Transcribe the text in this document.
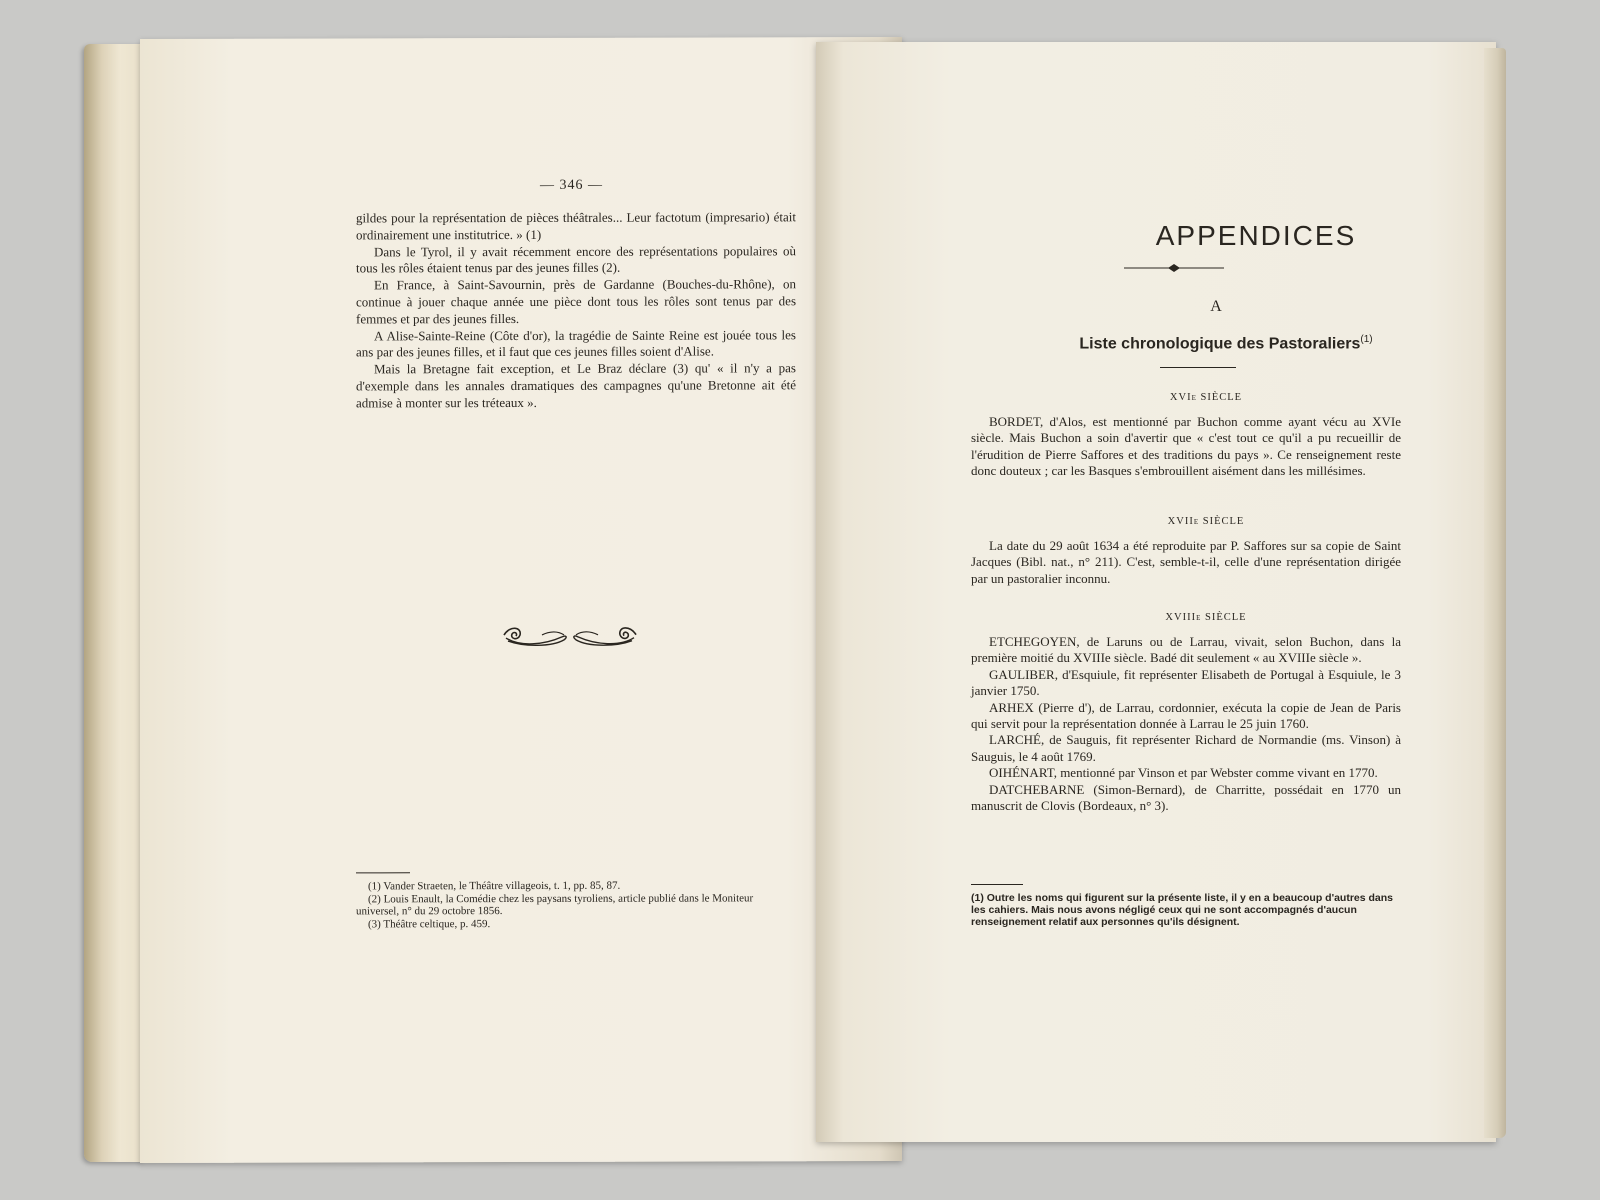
— 346 —

gildes pour la représentation de pièces théâtrales... Leur factotum (impresario) était ordinairement une institutrice. » (1)

Dans le Tyrol, il y avait récemment encore des représentations populaires où tous les rôles étaient tenus par des jeunes filles (2).

En France, à Saint-Savournin, près de Gardanne (Bouches-du-Rhône), on continue à jouer chaque année une pièce dont tous les rôles sont tenus par des femmes et par des jeunes filles.

A Alise-Sainte-Reine (Côte d'or), la tragédie de Sainte Reine est jouée tous les ans par des jeunes filles, et il faut que ces jeunes filles soient d'Alise.

Mais la Bretagne fait exception, et Le Braz déclare (3) qu' « il n'y a pas d'exemple dans les annales dramatiques des campagnes qu'une Bretonne ait été admise à monter sur les tréteaux ».

(1) Vander Straeten, le Théâtre villageois, t. 1, pp. 85, 87.

(2) Louis Enault, la Comédie chez les paysans tyroliens, article publié dans le Moniteur universel, n° du 29 octobre 1856.

(3) Théâtre celtique, p. 459.

APPENDICES
A
Liste chronologique des Pastoraliers$^{(1)}$
XVIe SIÈCLE

BORDET, d'Alos, est mentionné par Buchon comme ayant vécu au XVIe siècle. Mais Buchon a soin d'avertir que « c'est tout ce qu'il a pu recueillir de l'érudition de Pierre Saffores et des traditions du pays ». Ce renseignement reste donc douteux ; car les Basques s'embrouillent aisément dans les millésimes.

XVIIe SIÈCLE

La date du 29 août 1634 a été reproduite par P. Saffores sur sa copie de Saint Jacques (Bibl. nat., n° 211). C'est, semble-t-il, celle d'une représentation dirigée par un pastoralier inconnu.

XVIIIe SIÈCLE

ETCHEGOYEN, de Laruns ou de Larrau, vivait, selon Buchon, dans la première moitié du XVIIIe siècle. Badé dit seulement « au XVIIIe siècle ».

GAULIBER, d'Esquiule, fit représenter Elisabeth de Portugal à Esquiule, le 3 janvier 1750.

ARHEX (Pierre d'), de Larrau, cordonnier, exécuta la copie de Jean de Paris qui servit pour la représentation donnée à Larrau le 25 juin 1760.

LARCHÉ, de Sauguis, fit représenter Richard de Normandie (ms. Vinson) à Sauguis, le 4 août 1769.

OIHÉNART, mentionné par Vinson et par Webster comme vivant en 1770.

DATCHEBARNE (Simon-Bernard), de Charritte, possédait en 1770 un manuscrit de Clovis (Bordeaux, n° 3).

(1) Outre les noms qui figurent sur la présente liste, il y en a beaucoup d'autres dans les cahiers. Mais nous avons négligé ceux qui ne sont accompagnés d'aucun renseignement relatif aux personnes qu'ils désignent.
